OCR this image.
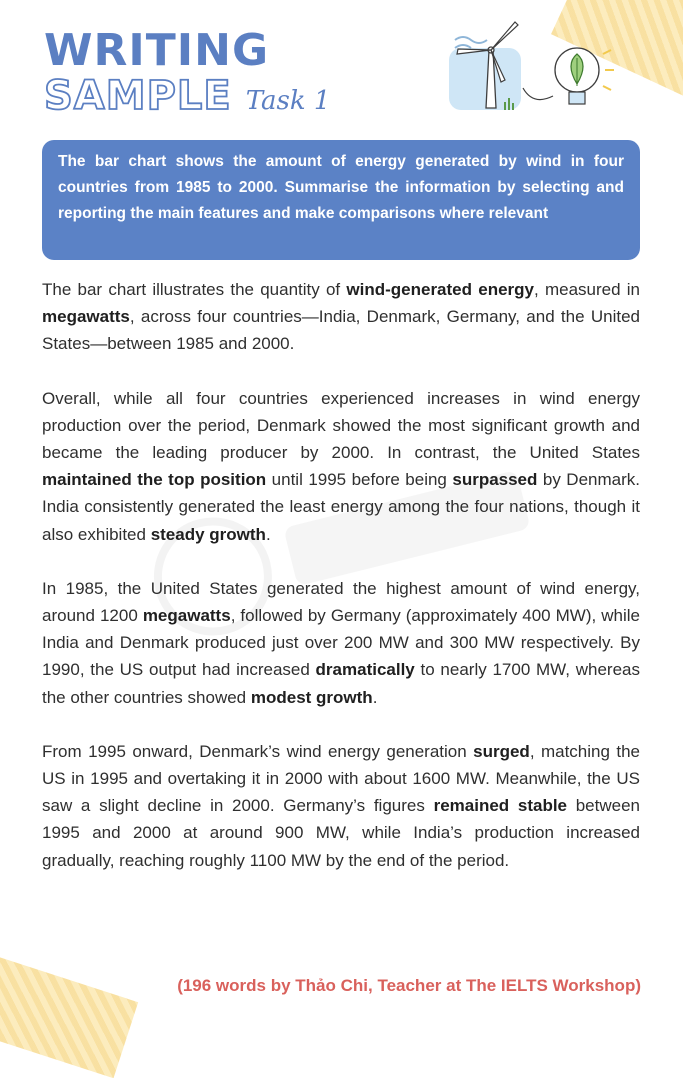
WRITING
SAMPLE Task 1
The bar chart shows the amount of energy generated by wind in four countries from 1985 to 2000. Summarise the information by selecting and reporting the main features and make comparisons where relevant

The bar chart illustrates the quantity of wind-generated energy, measured in megawatts, across four countries—India, Denmark, Germany, and the United States—between 1985 and 2000.

Overall, while all four countries experienced increases in wind energy production over the period, Denmark showed the most significant growth and became the leading producer by 2000. In contrast, the United States maintained the top position until 1995 before being surpassed by Denmark. India consistently generated the least energy among the four nations, though it also exhibited steady growth.

In 1985, the United States generated the highest amount of wind energy, around 1200 megawatts, followed by Germany (approximately 400 MW), while India and Denmark produced just over 200 MW and 300 MW respectively. By 1990, the US output had increased dramatically to nearly 1700 MW, whereas the other countries showed modest growth.

From 1995 onward, Denmark’s wind energy generation surged, matching the US in 1995 and overtaking it in 2000 with about 1600 MW. Meanwhile, the US saw a slight decline in 2000. Germany’s figures remained stable between 1995 and 2000 at around 900 MW, while India’s production increased gradually, reaching roughly 1100 MW by the end of the period.

(196 words by Thảo Chi, Teacher at The IELTS Workshop)
